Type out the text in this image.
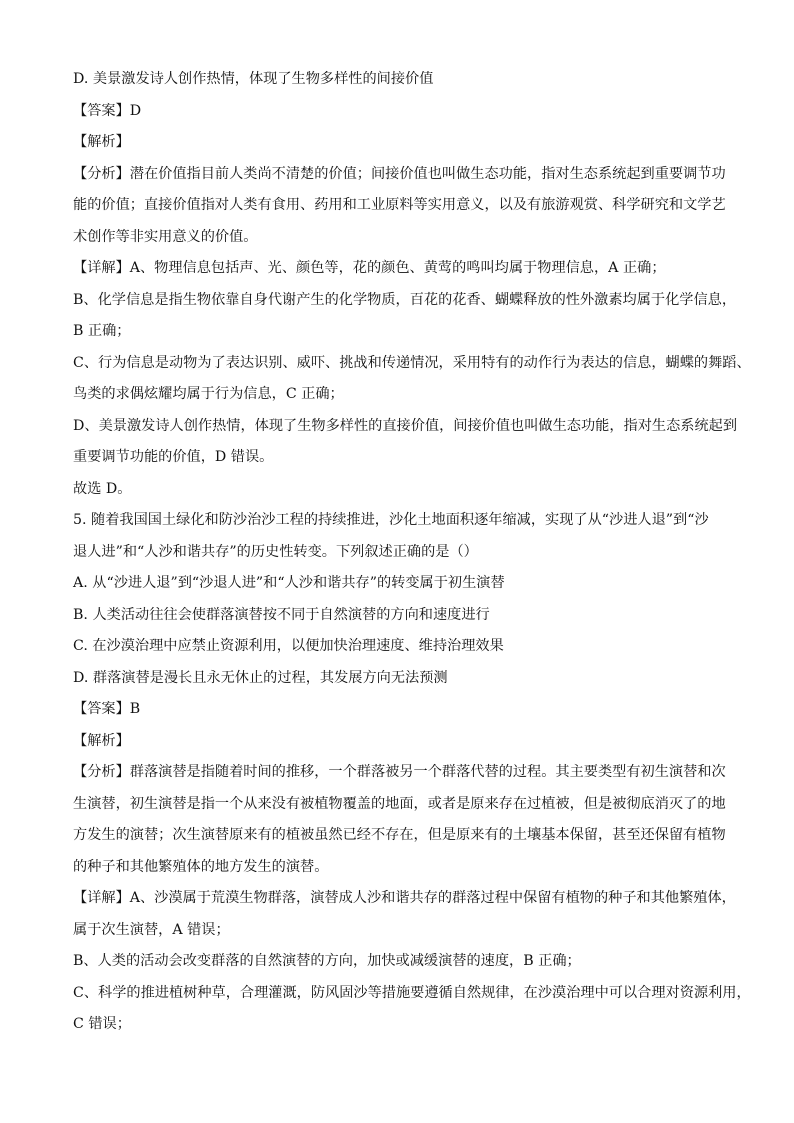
D. 美景激发诗人创作热情，体现了生物多样性的间接价值
【答案】D
【解析】
【分析】潜在价值指目前人类尚不清楚的价值；间接价值也叫做生态功能，指对生态系统起到重要调节功
能的价值；直接价值指对人类有食用、药用和工业原料等实用意义，以及有旅游观赏、科学研究和文学艺
术创作等非实用意义的价值。
【详解】A、物理信息包括声、光、颜色等，花的颜色、黄莺的鸣叫均属于物理信息，A 正确；
B、化学信息是指生物依靠自身代谢产生的化学物质，百花的花香、蝴蝶释放的性外激素均属于化学信息，
B 正确；
C、行为信息是动物为了表达识别、威吓、挑战和传递情况，采用特有的动作行为表达的信息，蝴蝶的舞蹈、
鸟类的求偶炫耀均属于行为信息，C 正确；
D、美景激发诗人创作热情，体现了生物多样性的直接价值，间接价值也叫做生态功能，指对生态系统起到
重要调节功能的价值，D 错误。
故选 D。
5. 随着我国国土绿化和防沙治沙工程的持续推进，沙化土地面积逐年缩减，实现了从“沙进人退”到“沙
退人进”和“人沙和谐共存”的历史性转变。下列叙述正确的是（）
A. 从“沙进人退”到“沙退人进”和“人沙和谐共存”的转变属于初生演替
B. 人类活动往往会使群落演替按不同于自然演替的方向和速度进行
C. 在沙漠治理中应禁止资源利用，以便加快治理速度、维持治理效果
D. 群落演替是漫长且永无休止的过程，其发展方向无法预测
【答案】B
【解析】
【分析】群落演替是指随着时间的推移，一个群落被另一个群落代替的过程。其主要类型有初生演替和次
生演替，初生演替是指一个从来没有被植物覆盖的地面，或者是原来存在过植被，但是被彻底消灭了的地
方发生的演替；次生演替原来有的植被虽然已经不存在，但是原来有的土壤基本保留，甚至还保留有植物
的种子和其他繁殖体的地方发生的演替。
【详解】A、沙漠属于荒漠生物群落，演替成人沙和谐共存的群落过程中保留有植物的种子和其他繁殖体，
属于次生演替，A 错误；
B、人类的活动会改变群落的自然演替的方向，加快或减缓演替的速度，B 正确；
C、科学的推进植树种草，合理灌溉，防风固沙等措施要遵循自然规律，在沙漠治理中可以合理对资源利用，
C 错误；
